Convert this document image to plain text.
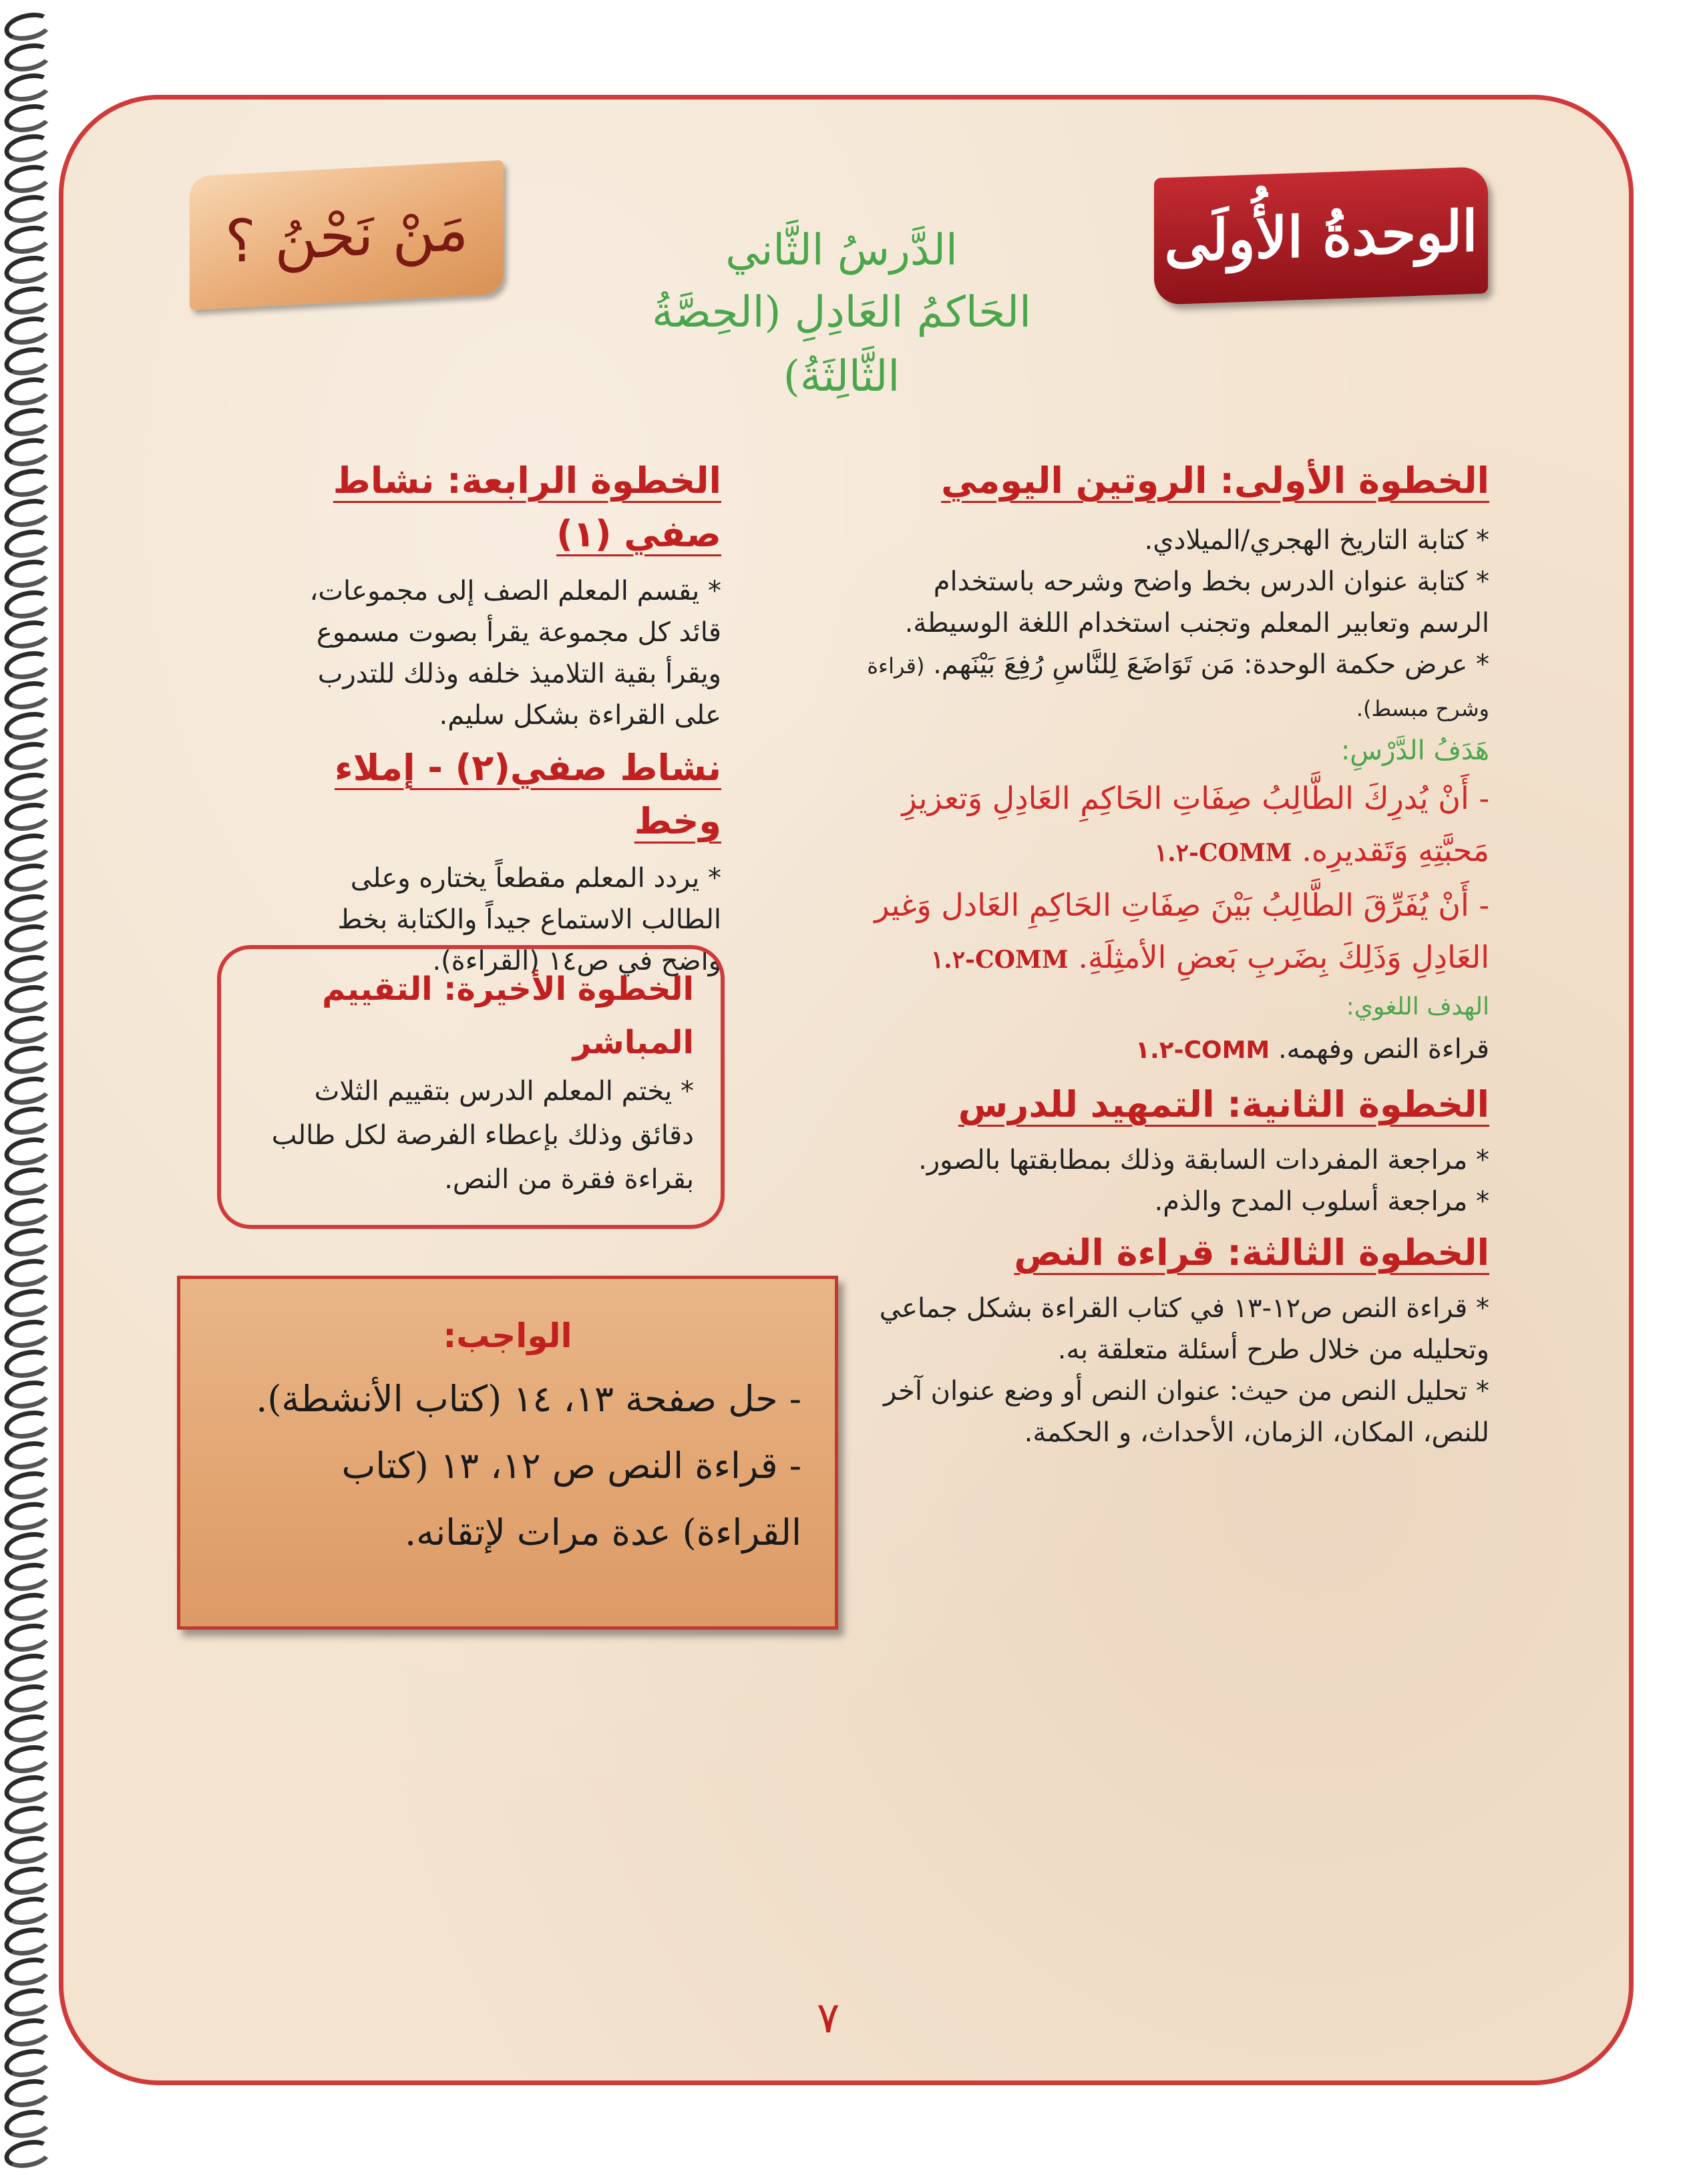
الوحدةُ الأُولَى
مَنْ نَحْنُ ؟	الدَّرسُ الثَّاني
الحَاكمُ العَادِلِ (الحِصَّةُ الثَّالِثَةُ)
الخطوة الأولى: الروتين اليومي

* كتابة التاريخ الهجري/الميلادي.

* كتابة عنوان الدرس بخط واضح وشرحه باستخدام الرسم وتعابير المعلم وتجنب استخدام اللغة الوسيطة.

* عرض حكمة الوحدة: مَن تَوَاضَعَ لِلنَّاسِ رُفِعَ بَيْنَهم. (قراءة وشرح مبسط).

هَدَفُ الدَّرْسِ:
- أَنْ يُدرِكَ الطَّالِبُ صِفَاتِ الحَاكِمِ العَادِلِ وَتعزيزِ مَحبَّتِهِ وَتَقديرِه. COMM-١.٢
- أَنْ يُفَرِّقَ الطَّالِبُ بَيْنَ صِفَاتِ الحَاكِمِ العَادل وَغير العَادِلِ وَذَلِكَ بِضَربِ بَعضِ الأمثِلَةِ. COMM-١.٢
الهدف اللغوي:

قراءة النص وفهمه. COMM-١.٢

الخطوة الثانية: التمهيد للدرس

* مراجعة المفردات السابقة وذلك بمطابقتها بالصور.

* مراجعة أسلوب المدح والذم.

الخطوة الثالثة: قراءة النص

* قراءة النص ص١٢-١٣ في كتاب القراءة بشكل جماعي وتحليله من خلال طرح أسئلة متعلقة به.

* تحليل النص من حيث: عنوان النص أو وضع عنوان آخر للنص، المكان، الزمان، الأحداث، و الحكمة.

الخطوة الرابعة: نشاط صفي (١)

* يقسم المعلم الصف إلى مجموعات، قائد كل مجموعة يقرأ بصوت مسموع ويقرأ بقية التلاميذ خلفه وذلك للتدرب على القراءة بشكل سليم.

نشاط صفي(٢) - إملاء وخط

* يردد المعلم مقطعاً يختاره وعلى الطالب الاستماع جيداً والكتابة بخط واضح في ص١٤ (القراءة).

الخطوة الأخيرة: التقييم المباشر

* يختم المعلم الدرس بتقييم الثلاث دقائق وذلك بإعطاء الفرصة لكل طالب بقراءة فقرة من النص.

الواجب:
- حل صفحة ١٣، ١٤ (كتاب الأنشطة).
- قراءة النص ص ١٢، ١٣ (كتاب القراءة) عدة مرات لإتقانه.
٧
